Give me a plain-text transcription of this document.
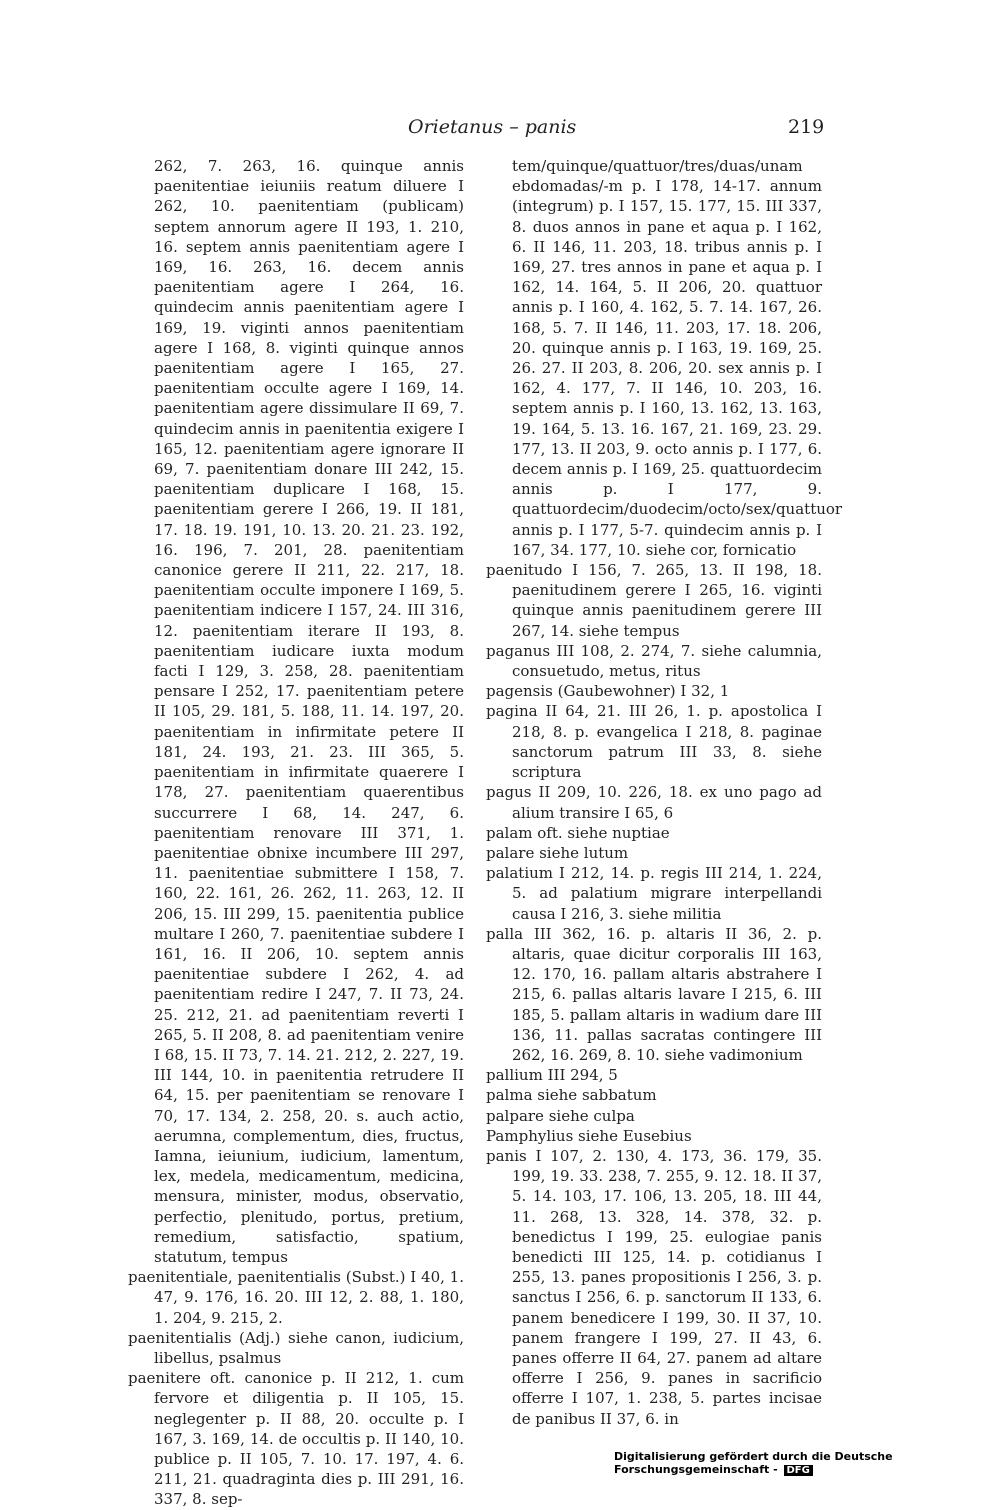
Orietanus – panis	219

262, 7. 263, 16. quinque annis paenitentiae ieiuniis reatum diluere I 262, 10. paenitentiam (publicam) septem annorum agere II 193, 1. 210, 16. septem annis paenitentiam agere I 169, 16. 263, 16. decem annis paenitentiam agere I 264, 16. quindecim annis paenitentiam agere I 169, 19. viginti annos paenitentiam agere I 168, 8. viginti quinque annos paenitentiam agere I 165, 27. paenitentiam occulte agere I 169, 14. paenitentiam agere dissimulare II 69, 7. quindecim annis in paenitentia exigere I 165, 12. paenitentiam agere ignorare II 69, 7. paenitentiam donare III 242, 15. paenitentiam duplicare I 168, 15. paenitentiam gerere I 266, 19. II 181, 17. 18. 19. 191, 10. 13. 20. 21. 23. 192, 16. 196, 7. 201, 28. paenitentiam canonice gerere II 211, 22. 217, 18. paenitentiam occulte imponere I 169, 5. paenitentiam indicere I 157, 24. III 316, 12. paenitentiam iterare II 193, 8. paenitentiam iudicare iuxta modum facti I 129, 3. 258, 28. paenitentiam pensare I 252, 17. paenitentiam petere II 105, 29. 181, 5. 188, 11. 14. 197, 20. paenitentiam in infirmitate petere II 181, 24. 193, 21. 23. III 365, 5. paenitentiam in infirmitate quaerere I 178, 27. paenitentiam quaerentibus succurrere I 68, 14. 247, 6. paenitentiam renovare III 371, 1. paenitentiae obnixe incumbere III 297, 11. paenitentiae submittere I 158, 7. 160, 22. 161, 26. 262, 11. 263, 12. II 206, 15. III 299, 15. paenitentia publice multare I 260, 7. paenitentiae subdere I 161, 16. II 206, 10. septem annis paenitentiae subdere I 262, 4. ad paenitentiam redire I 247, 7. II 73, 24. 25. 212, 21. ad paenitentiam reverti I 265, 5. II 208, 8. ad paenitentiam venire I 68, 15. II 73, 7. 14. 21. 212, 2. 227, 19. III 144, 10. in paenitentia retrudere II 64, 15. per paenitentiam se renovare I 70, 17. 134, 2. 258, 20. s. auch actio, aerumna, complementum, dies, fructus, Iamna, ieiunium, iudicium, lamentum, lex, medela, medicamentum, medicina, mensura, minister, modus, observatio, perfectio, plenitudo, portus, pretium, remedium, satisfactio, spatium, statutum, tempus

paenitentiale, paenitentialis (Subst.) I 40, 1. 47, 9. 176, 16. 20. III 12, 2. 88, 1. 180, 1. 204, 9. 215, 2.

paenitentialis (Adj.) siehe canon, iudicium, libellus, psalmus

paenitere oft. canonice p. II 212, 1. cum fervore et diligentia p. II 105, 15. neglegenter p. II 88, 20. occulte p. I 167, 3. 169, 14. de occultis p. II 140, 10. publice p. II 105, 7. 10. 17. 197, 4. 6. 211, 21. quadraginta dies p. III 291, 16. 337, 8. sep-

tem/quinque/quattuor/tres/duas/unam ebdomadas/-m p. I 178, 14-17. annum (integrum) p. I 157, 15. 177, 15. III 337, 8. duos annos in pane et aqua p. I 162, 6. II 146, 11. 203, 18. tribus annis p. I 169, 27. tres annos in pane et aqua p. I 162, 14. 164, 5. II 206, 20. quattuor annis p. I 160, 4. 162, 5. 7. 14. 167, 26. 168, 5. 7. II 146, 11. 203, 17. 18. 206, 20. quinque annis p. I 163, 19. 169, 25. 26. 27. II 203, 8. 206, 20. sex annis p. I 162, 4. 177, 7. II 146, 10. 203, 16. septem annis p. I 160, 13. 162, 13. 163, 19. 164, 5. 13. 16. 167, 21. 169, 23. 29. 177, 13. II 203, 9. octo annis p. I 177, 6. decem annis p. I 169, 25. quattuordecim annis p. I 177, 9. quattuordecim/duodecim/octo/sex/quattuor annis p. I 177, 5-7. quindecim annis p. I 167, 34. 177, 10. siehe cor, fornicatio

paenitudo I 156, 7. 265, 13. II 198, 18. paenitudinem gerere I 265, 16. viginti quinque annis paenitudinem gerere III 267, 14. siehe tempus

paganus III 108, 2. 274, 7. siehe calumnia, consuetudo, metus, ritus

pagensis (Gaubewohner) I 32, 1

pagina II 64, 21. III 26, 1. p. apostolica I 218, 8. p. evangelica I 218, 8. paginae sanctorum patrum III 33, 8. siehe scriptura

pagus II 209, 10. 226, 18. ex uno pago ad alium transire I 65, 6

palam oft. siehe nuptiae

palare siehe lutum

palatium I 212, 14. p. regis III 214, 1. 224, 5. ad palatium migrare interpellandi causa I 216, 3. siehe militia

palla III 362, 16. p. altaris II 36, 2. p. altaris, quae dicitur corporalis III 163, 12. 170, 16. pallam altaris abstrahere I 215, 6. pallas altaris lavare I 215, 6. III 185, 5. pallam altaris in wadium dare III 136, 11. pallas sacratas contingere III 262, 16. 269, 8. 10. siehe vadimonium

pallium III 294, 5

palma siehe sabbatum

palpare siehe culpa

Pamphylius siehe Eusebius

panis I 107, 2. 130, 4. 173, 36. 179, 35. 199, 19. 33. 238, 7. 255, 9. 12. 18. II 37, 5. 14. 103, 17. 106, 13. 205, 18. III 44, 11. 268, 13. 328, 14. 378, 32. p. benedictus I 199, 25. eulogiae panis benedicti III 125, 14. p. cotidianus I 255, 13. panes propositionis I 256, 3. p. sanctus I 256, 6. p. sanctorum II 133, 6. panem benedicere I 199, 30. II 37, 10. panem frangere I 199, 27. II 43, 6. panes offerre II 64, 27. panem ad altare offerre I 256, 9. panes in sacrificio offerre I 107, 1. 238, 5. partes incisae de panibus II 37, 6. in

Digitalisierung gefördert durch die Deutsche Forschungsgemeinschaft - DFG
